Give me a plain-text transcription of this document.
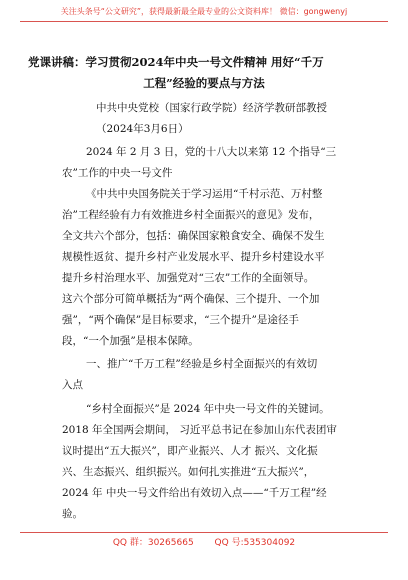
关注头条号“公文研究”，获得最新最全最专业的公文资料库！ 微信：gongwenyj
党课讲稿：学习贯彻2024年中央一号文件精神 用好“千万
工程”经验的要点与方法
中共中央党校（国家行政学院）经济学教研部教授
（2024年3月6日）
2024 年 2 月 3 日，党的十八大以来第 12 个指导“三
农”工作的中央一号文件
《中共中央国务院关于学习运用“千村示范、万村整
治”工程经验有力有效推进乡村全面振兴的意见》发布，
全文共六个部分，包括：确保国家粮食安全、确保不发生
规模性返贫、提升乡村产业发展水平、提升乡村建设水平
提升乡村治理水平、加强党对“三农”工作的全面领导。
这六个部分可简单概括为“两个确保、三个提升、一个加
强”，“两个确保”是目标要求，“三个提升”是途径手
段，“一个加强”是根本保障。
一、推广“千万工程”经验是乡村全面振兴的有效切
入点
“乡村全面振兴”是 2024 年中央一号文件的关键词。
2018 年全国两会期间， 习近平总书记在参加山东代表团审
议时提出“五大振兴”，即产业振兴、人才 振兴、文化振
兴、生态振兴、组织振兴。如何扎实推进“五大振兴”，
2024 年 中央一号文件给出有效切入点——“千万工程”经
验。
QQ 群：30265665 QQ 号:535304092
